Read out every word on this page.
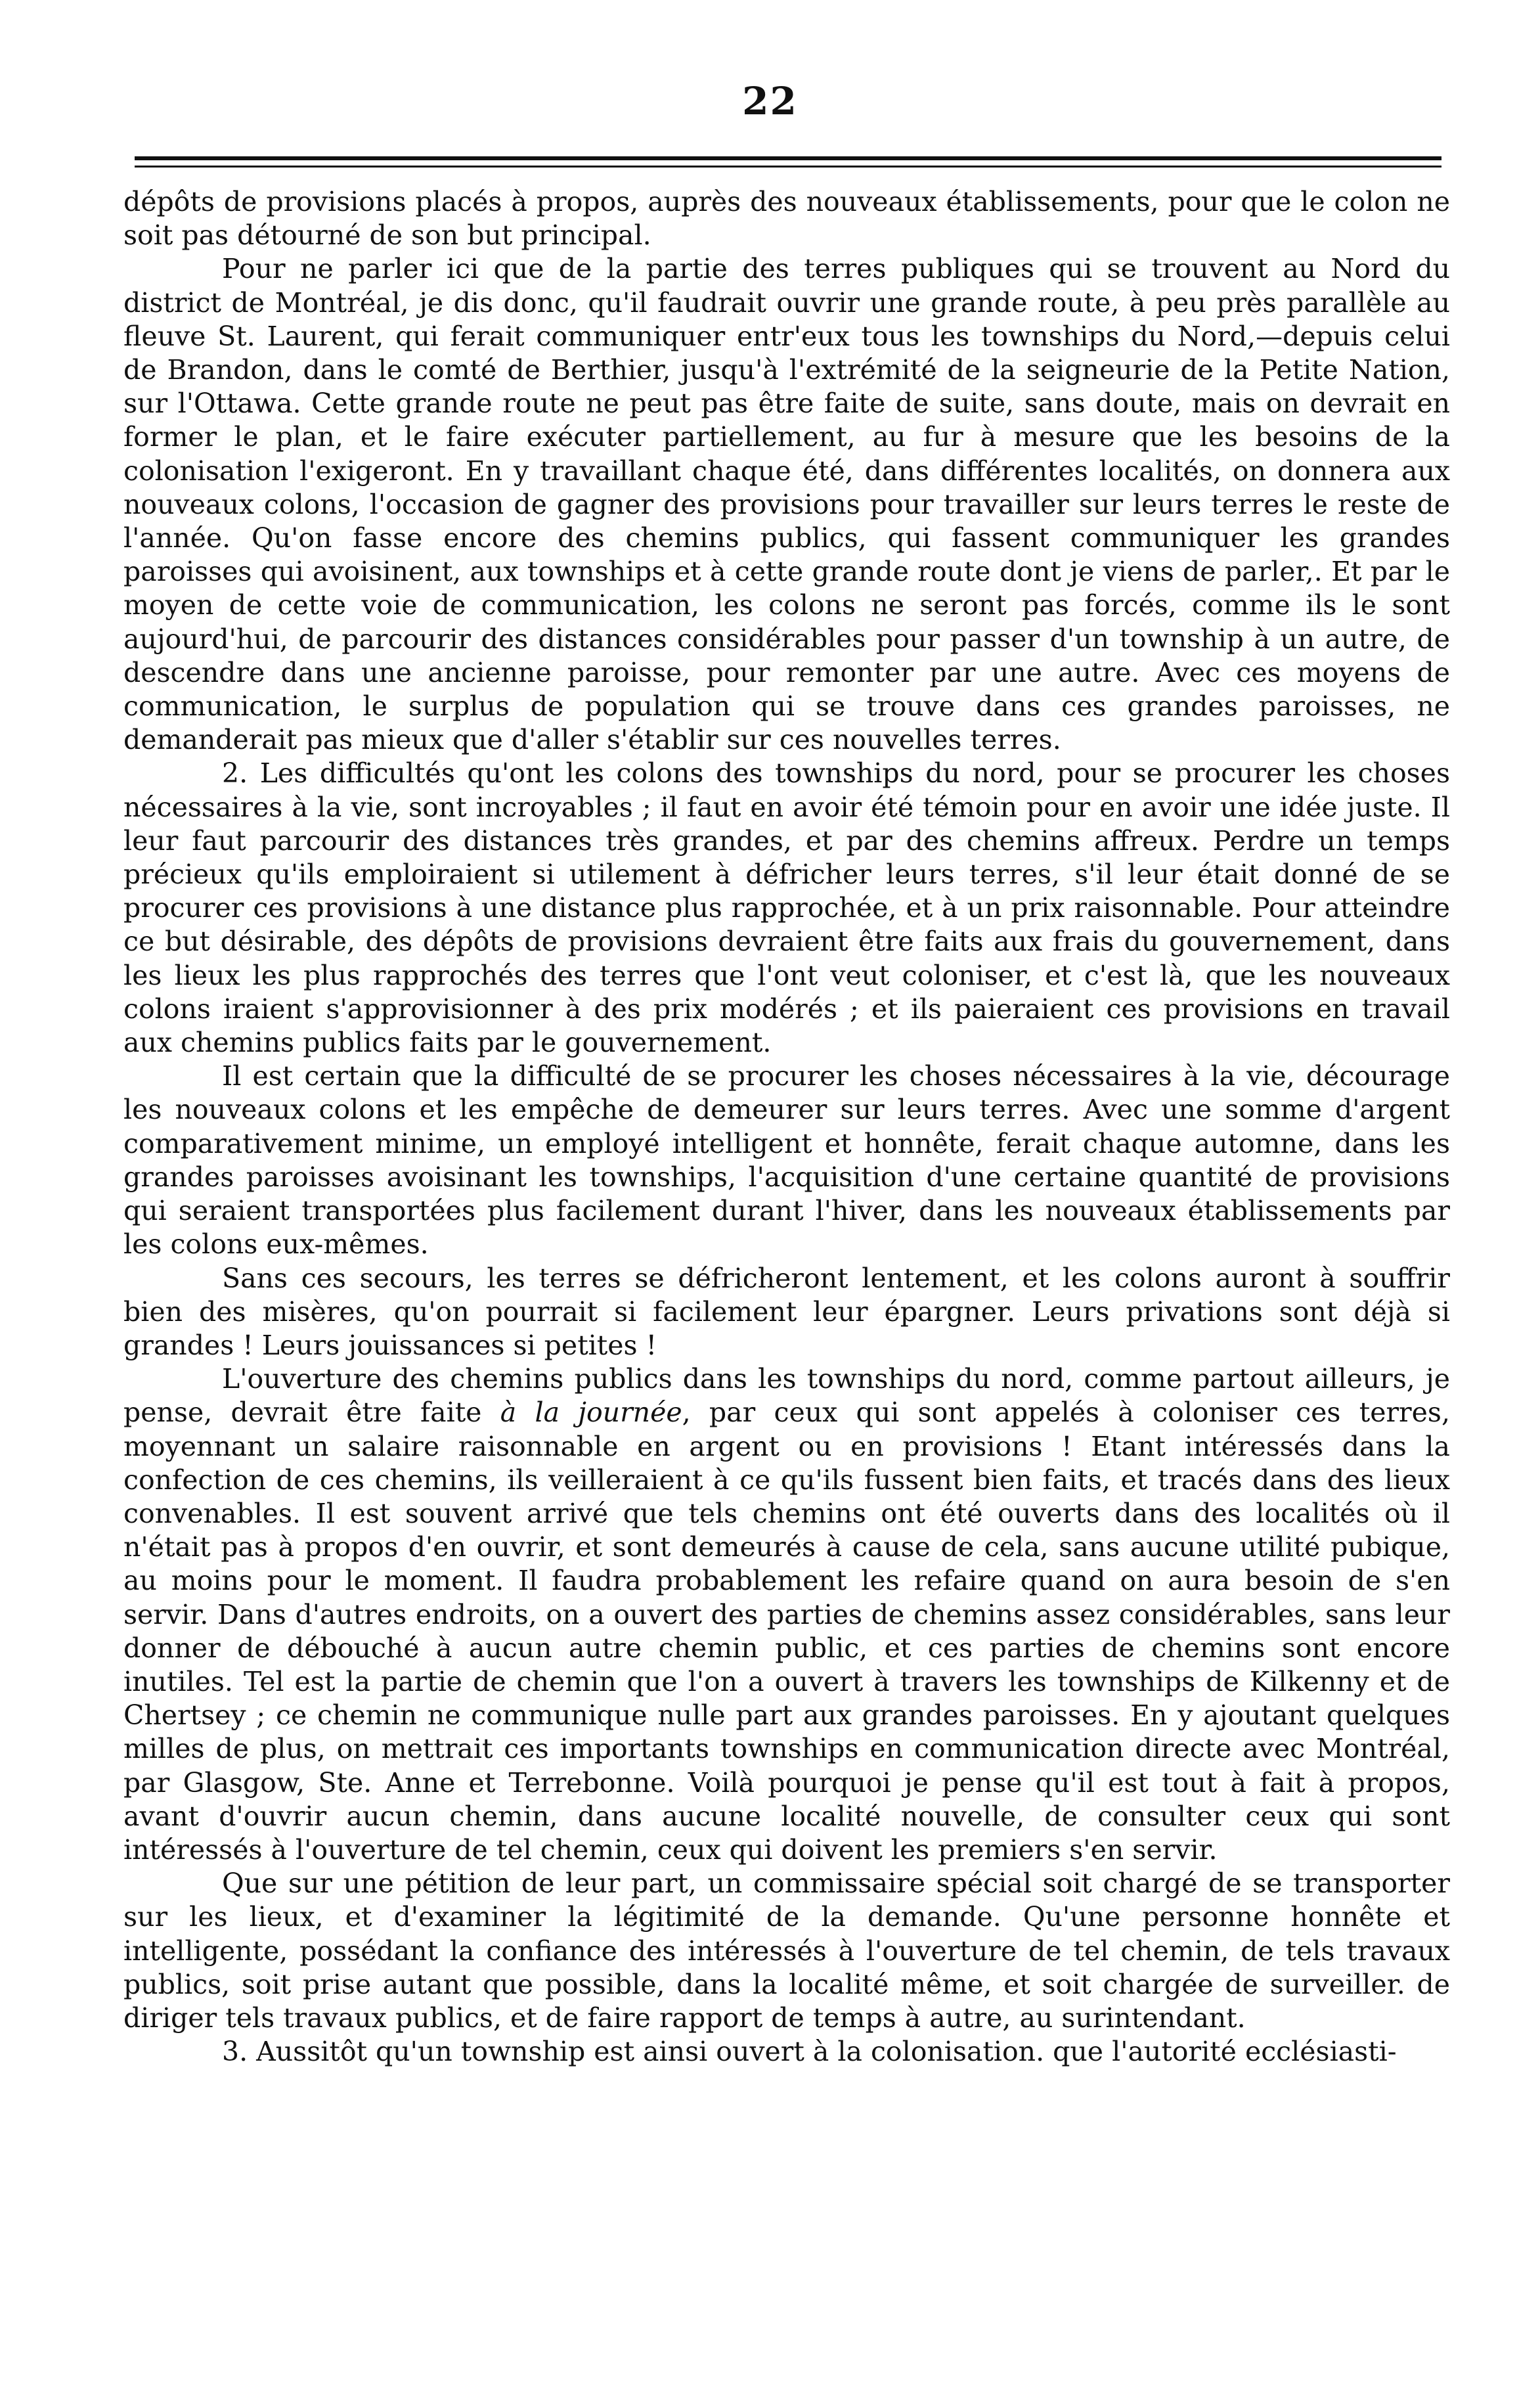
22

dépôts de provisions placés à propos, auprès des nouveaux établissements, pour que le colon ne soit pas détourné de son but principal.

Pour ne parler ici que de la partie des terres publiques qui se trouvent au Nord du district de Montréal, je dis donc, qu'il faudrait ouvrir une grande route, à peu près parallèle au fleuve St. Laurent, qui ferait communiquer entr'eux tous les townships du Nord,—depuis celui de Brandon, dans le comté de Berthier, jusqu'à l'extrémité de la seigneurie de la Petite Nation, sur l'Ottawa. Cette grande route ne peut pas être faite de suite, sans doute, mais on devrait en former le plan, et le faire exécuter partiellement, au fur à mesure que les besoins de la colonisation l'exigeront. En y travaillant chaque été, dans différentes localités, on donnera aux nouveaux colons, l'occasion de gagner des provisions pour travailler sur leurs terres le reste de l'année. Qu'on fasse encore des chemins publics, qui fassent communiquer les grandes paroisses qui avoisinent, aux townships et à cette grande route dont je viens de parler,. Et par le moyen de cette voie de communication, les colons ne seront pas forcés, comme ils le sont aujourd'hui, de parcourir des distances considérables pour passer d'un township à un autre, de descendre dans une ancienne paroisse, pour remonter par une autre. Avec ces moyens de communication, le surplus de population qui se trouve dans ces grandes paroisses, ne demanderait pas mieux que d'aller s'établir sur ces nouvelles terres.

2. Les difficultés qu'ont les colons des townships du nord, pour se procurer les choses nécessaires à la vie, sont incroyables ; il faut en avoir été témoin pour en avoir une idée juste. Il leur faut parcourir des distances très grandes, et par des chemins affreux. Perdre un temps précieux qu'ils emploiraient si utilement à défricher leurs terres, s'il leur était donné de se procurer ces provisions à une distance plus rapprochée, et à un prix raisonnable. Pour atteindre ce but désirable, des dépôts de provisions devraient être faits aux frais du gouvernement, dans les lieux les plus rapprochés des terres que l'ont veut coloniser, et c'est là, que les nouveaux colons iraient s'approvisionner à des prix modérés ; et ils paieraient ces provisions en travail aux chemins publics faits par le gouvernement.

Il est certain que la difficulté de se procurer les choses nécessaires à la vie, décourage les nouveaux colons et les empêche de demeurer sur leurs terres. Avec une somme d'argent comparativement minime, un employé intelligent et honnête, ferait chaque automne, dans les grandes paroisses avoisinant les townships, l'acquisition d'une certaine quantité de provisions qui seraient transportées plus facilement durant l'hiver, dans les nouveaux établissements par les colons eux-mêmes.

Sans ces secours, les terres se défricheront lentement, et les colons auront à souffrir bien des misères, qu'on pourrait si facilement leur épargner. Leurs privations sont déjà si grandes ! Leurs jouissances si petites !

L'ouverture des chemins publics dans les townships du nord, comme partout ailleurs, je pense, devrait être faite à la journée, par ceux qui sont appelés à coloniser ces terres, moyennant un salaire raisonnable en argent ou en provisions ! Etant intéressés dans la confection de ces chemins, ils veilleraient à ce qu'ils fussent bien faits, et tracés dans des lieux convenables. Il est souvent arrivé que tels chemins ont été ouverts dans des localités où il n'était pas à propos d'en ouvrir, et sont demeurés à cause de cela, sans aucune utilité pubique, au moins pour le moment. Il faudra probablement les refaire quand on aura besoin de s'en servir. Dans d'autres endroits, on a ouvert des parties de chemins assez considérables, sans leur donner de débouché à aucun autre chemin public, et ces parties de chemins sont encore inutiles. Tel est la partie de chemin que l'on a ouvert à travers les townships de Kilkenny et de Chertsey ; ce chemin ne communique nulle part aux grandes paroisses. En y ajoutant quelques milles de plus, on mettrait ces importants townships en communication directe avec Montréal, par Glasgow, Ste. Anne et Terrebonne. Voilà pourquoi je pense qu'il est tout à fait à propos, avant d'ouvrir aucun chemin, dans aucune localité nouvelle, de consulter ceux qui sont intéressés à l'ouverture de tel chemin, ceux qui doivent les premiers s'en servir.

Que sur une pétition de leur part, un commissaire spécial soit chargé de se transporter sur les lieux, et d'examiner la légitimité de la demande. Qu'une personne honnête et intelligente, possédant la confiance des intéressés à l'ouverture de tel chemin, de tels travaux publics, soit prise autant que possible, dans la localité même, et soit chargée de surveiller. de diriger tels travaux publics, et de faire rapport de temps à autre, au surintendant.

3. Aussitôt qu'un township est ainsi ouvert à la colonisation. que l'autorité ecclésiasti-
